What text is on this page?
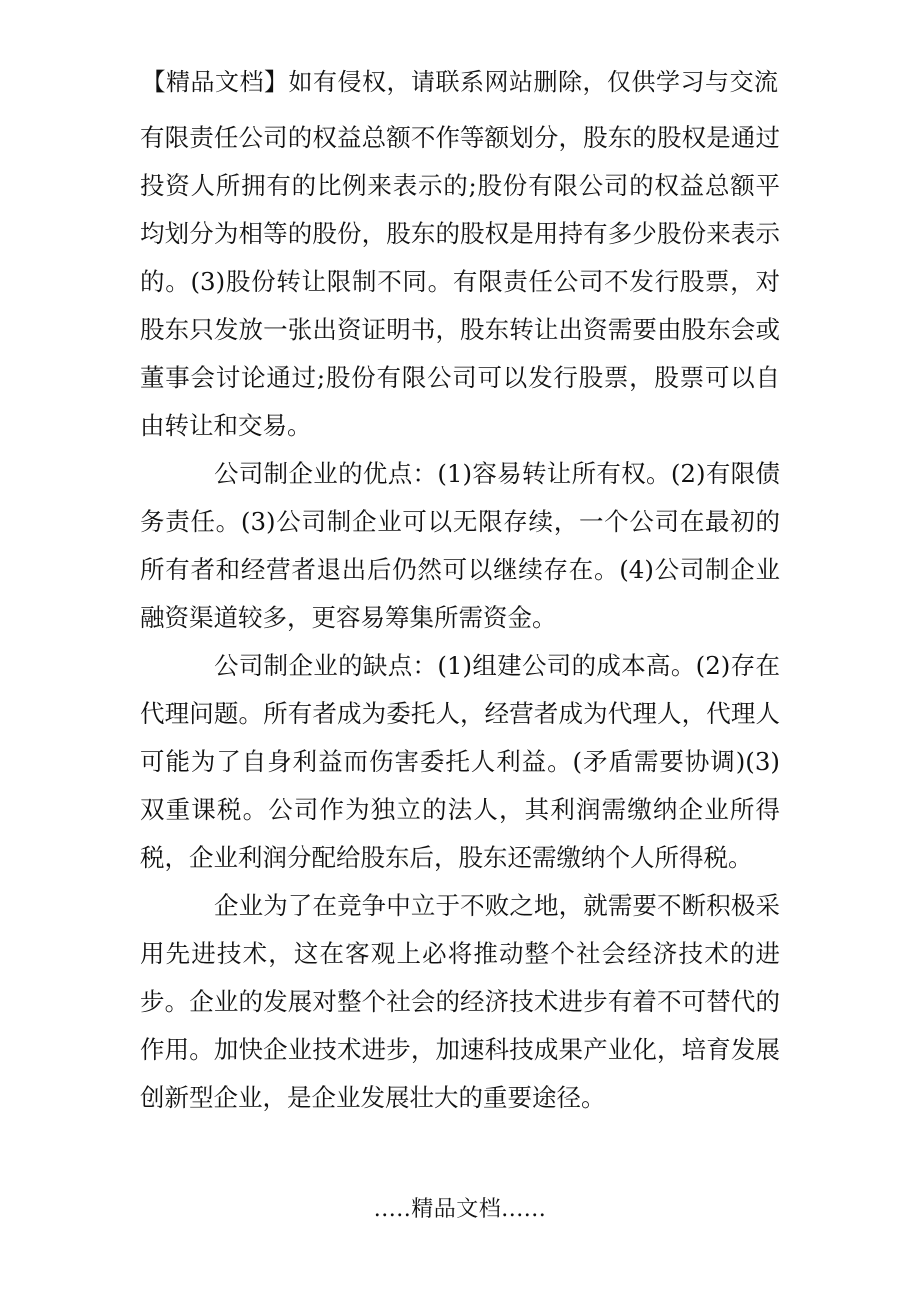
【精品文档】如有侵权，请联系网站删除，仅供学习与交流

有限责任公司的权益总额不作等额划分，股东的股权是通过投资人所拥有的比例来表示的;股份有限公司的权益总额平均划分为相等的股份，股东的股权是用持有多少股份来表示的。(3)股份转让限制不同。有限责任公司不发行股票，对股东只发放一张出资证明书，股东转让出资需要由股东会或董事会讨论通过;股份有限公司可以发行股票，股票可以自由转让和交易。

公司制企业的优点：(1)容易转让所有权。(2)有限债务责任。(3)公司制企业可以无限存续，一个公司在最初的所有者和经营者退出后仍然可以继续存在。(4)公司制企业融资渠道较多，更容易筹集所需资金。

公司制企业的缺点：(1)组建公司的成本高。(2)存在代理问题。所有者成为委托人，经营者成为代理人，代理人可能为了自身利益而伤害委托人利益。(矛盾需要协调)(3)双重课税。公司作为独立的法人，其利润需缴纳企业所得税，企业利润分配给股东后，股东还需缴纳个人所得税。

企业为了在竞争中立于不败之地，就需要不断积极采用先进技术，这在客观上必将推动整个社会经济技术的进步。企业的发展对整个社会的经济技术进步有着不可替代的作用。加快企业技术进步，加速科技成果产业化，培育发展创新型企业，是企业发展壮大的重要途径。

.....精品文档......
